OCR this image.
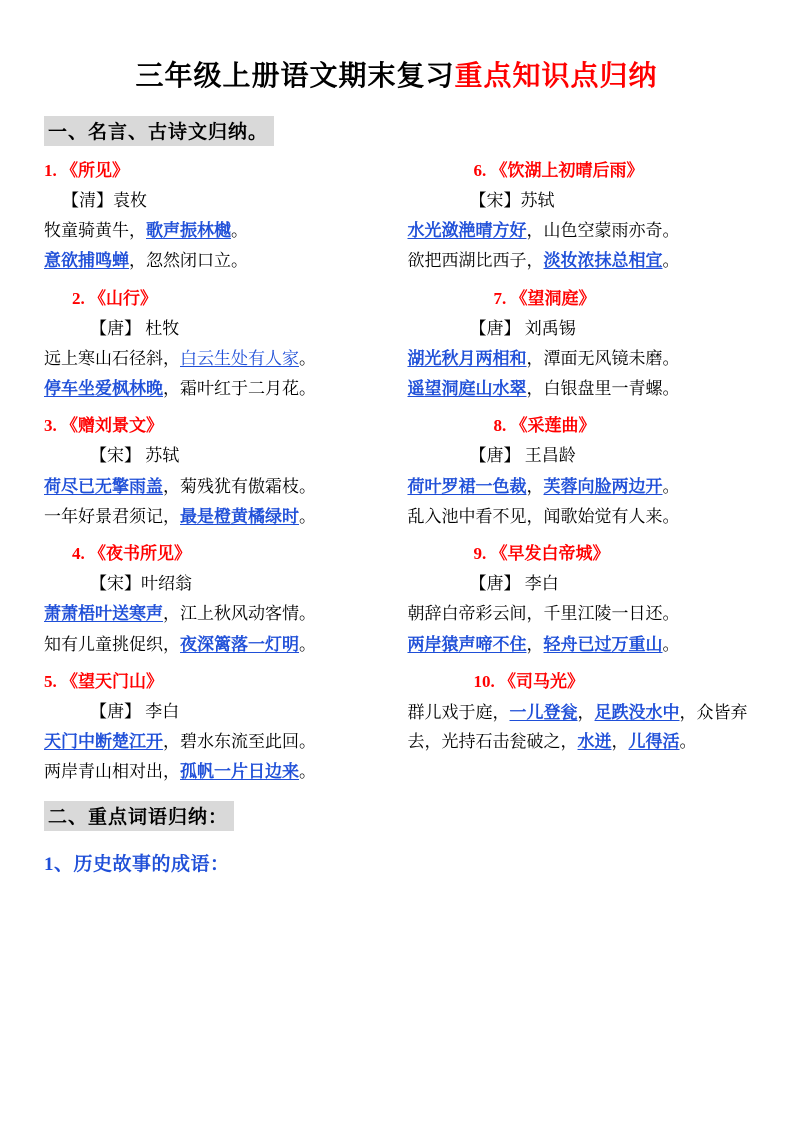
三年级上册语文期末复习重点知识点归纳
一、名言、古诗文归纳。
1. 《所见》
【清】袁枚
牧童骑黄牛，歌声振林樾。
意欲捕鸣蝉，忽然闭口立。
6. 《饮湖上初晴后雨》
【宋】苏轼
水光潋滟晴方好，山色空蒙雨亦奇。
欲把西湖比西子，淡妆浓抹总相宜。
2. 《山行》
【唐】 杜牧
远上寒山石径斜，白云生处有人家。
停车坐爱枫林晚，霜叶红于二月花。
7. 《望洞庭》
【唐】 刘禹锡
湖光秋月两相和，潭面无风镜未磨。
遥望洞庭山水翠，白银盘里一青螺。
3. 《赠刘景文》
【宋】 苏轼
荷尽已无擎雨盖，菊残犹有傲霜枝。
一年好景君须记，最是橙黄橘绿时。
8. 《采莲曲》
【唐】 王昌龄
荷叶罗裙一色裁，芙蓉向脸两边开。
乱入池中看不见，闻歌始觉有人来。
4. 《夜书所见》
【宋】叶绍翁
萧萧梧叶送寒声，江上秋风动客情。
知有儿童挑促织，夜深篱落一灯明。
9. 《早发白帝城》
【唐】 李白
朝辞白帝彩云间，千里江陵一日还。
两岸猿声啼不住，轻舟已过万重山。
5. 《望天门山》
【唐】 李白
天门中断楚江开，碧水东流至此回。
两岸青山相对出，孤帆一片日边来。
10. 《司马光》
群儿戏于庭，一儿登瓮，足跌没水中，众皆弃去，光持石击瓮破之，水迸，儿得活。
二、重点词语归纳：
1、历史故事的成语：
